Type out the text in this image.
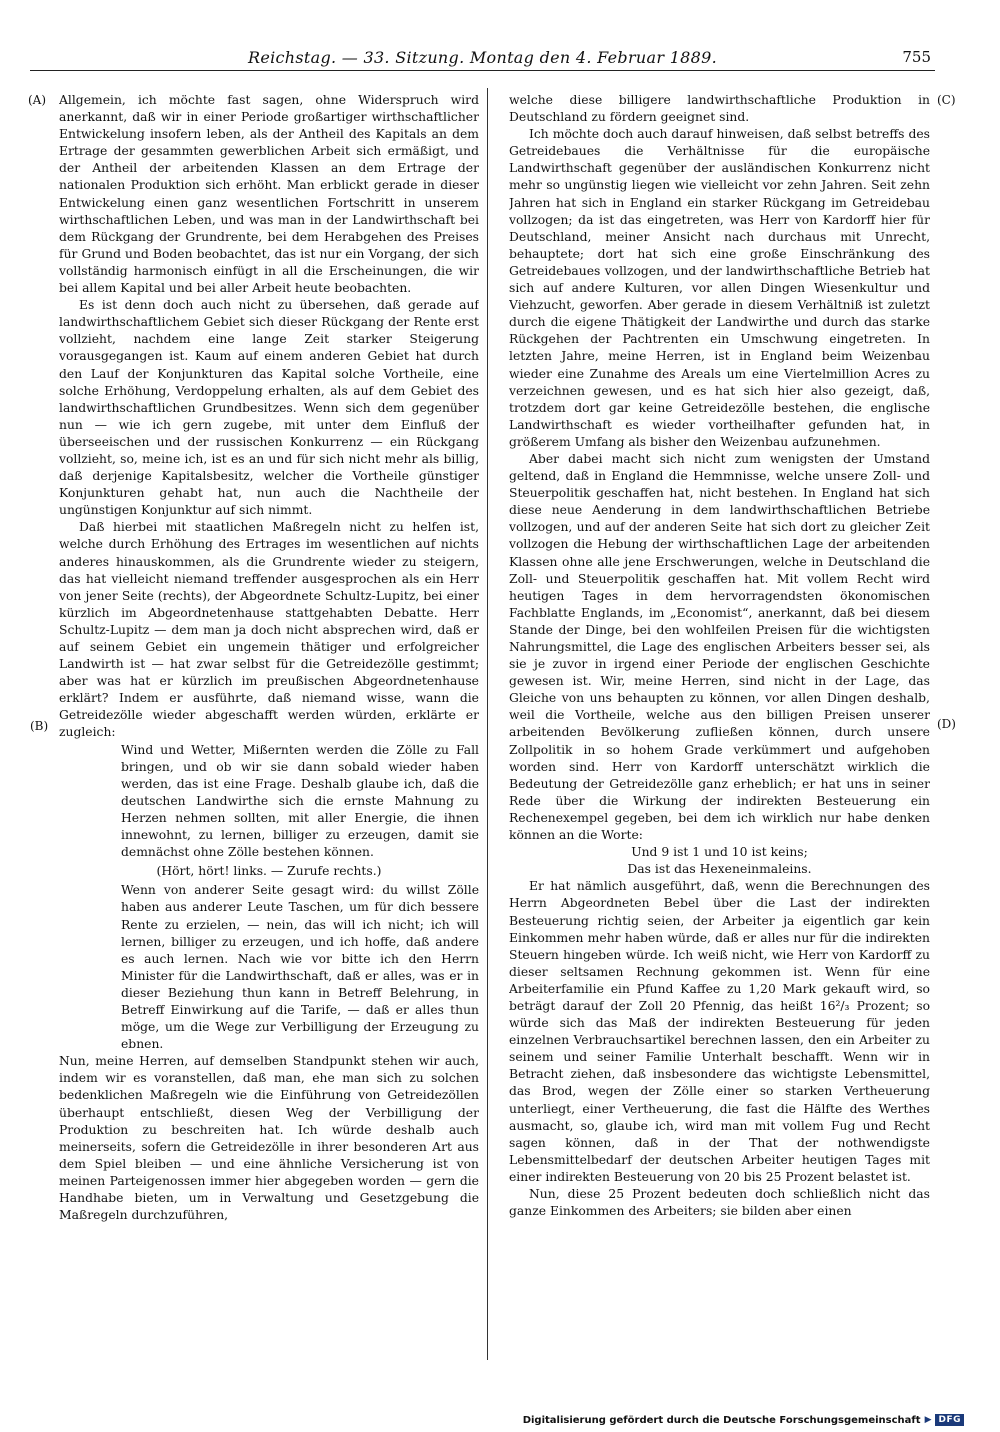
Reichstag. — 33. Sitzung. Montag den 4. Februar 1889.	755
(A)
(B)
(C)
(D)

Allgemein, ich möchte fast sagen, ohne Widerspruch wird anerkannt, daß wir in einer Periode großartiger wirthschaftlicher Entwickelung insofern leben, als der Antheil des Kapitals an dem Ertrage der gesammten gewerblichen Arbeit sich ermäßigt, und der Antheil der arbeitenden Klassen an dem Ertrage der nationalen Produktion sich erhöht. Man erblickt gerade in dieser Entwickelung einen ganz wesentlichen Fortschritt in unserem wirthschaftlichen Leben, und was man in der Landwirthschaft bei dem Rückgang der Grundrente, bei dem Herabgehen des Preises für Grund und Boden beobachtet, das ist nur ein Vorgang, der sich vollständig harmonisch einfügt in all die Erscheinungen, die wir bei allem Kapital und bei aller Arbeit heute beobachten.

Es ist denn doch auch nicht zu übersehen, daß gerade auf landwirthschaftlichem Gebiet sich dieser Rückgang der Rente erst vollzieht, nachdem eine lange Zeit starker Steigerung vorausgegangen ist. Kaum auf einem anderen Gebiet hat durch den Lauf der Konjunkturen das Kapital solche Vortheile, eine solche Erhöhung, Verdoppelung erhalten, als auf dem Gebiet des landwirthschaftlichen Grundbesitzes. Wenn sich dem gegenüber nun — wie ich gern zugebe, mit unter dem Einfluß der überseeischen und der russischen Konkurrenz — ein Rückgang vollzieht, so, meine ich, ist es an und für sich nicht mehr als billig, daß derjenige Kapitalsbesitz, welcher die Vortheile günstiger Konjunkturen gehabt hat, nun auch die Nachtheile der ungünstigen Konjunktur auf sich nimmt.

Daß hierbei mit staatlichen Maßregeln nicht zu helfen ist, welche durch Erhöhung des Ertrages im wesentlichen auf nichts anderes hinauskommen, als die Grundrente wieder zu steigern, das hat vielleicht niemand treffender ausgesprochen als ein Herr von jener Seite (rechts), der Abgeordnete Schultz-Lupitz, bei einer kürzlich im Abgeordnetenhause stattgehabten Debatte. Herr Schultz-Lupitz — dem man ja doch nicht absprechen wird, daß er auf seinem Gebiet ein ungemein thätiger und erfolgreicher Landwirth ist — hat zwar selbst für die Getreidezölle gestimmt; aber was hat er kürzlich im preußischen Abgeordnetenhause erklärt? Indem er ausführte, daß niemand wisse, wann die Getreidezölle wieder abgeschafft werden würden, erklärte er zugleich:

Wind und Wetter, Mißernten werden die Zölle zu Fall bringen, und ob wir sie dann sobald wieder haben werden, das ist eine Frage. Deshalb glaube ich, daß die deutschen Landwirthe sich die ernste Mahnung zu Herzen nehmen sollten, mit aller Energie, die ihnen innewohnt, zu lernen, billiger zu erzeugen, damit sie demnächst ohne Zölle bestehen können.

(Hört, hört! links. — Zurufe rechts.)

Wenn von anderer Seite gesagt wird: du willst Zölle haben aus anderer Leute Taschen, um für dich bessere Rente zu erzielen, — nein, das will ich nicht; ich will lernen, billiger zu erzeugen, und ich hoffe, daß andere es auch lernen. Nach wie vor bitte ich den Herrn Minister für die Landwirthschaft, daß er alles, was er in dieser Beziehung thun kann in Betreff Belehrung, in Betreff Einwirkung auf die Tarife, — daß er alles thun möge, um die Wege zur Verbilligung der Erzeugung zu ebnen.

Nun, meine Herren, auf demselben Standpunkt stehen wir auch, indem wir es voranstellen, daß man, ehe man sich zu solchen bedenklichen Maßregeln wie die Einführung von Getreidezöllen überhaupt entschließt, diesen Weg der Verbilligung der Produktion zu beschreiten hat. Ich würde deshalb auch meinerseits, sofern die Getreidezölle in ihrer besonderen Art aus dem Spiel bleiben — und eine ähnliche Versicherung ist von meinen Parteigenossen immer hier abgegeben worden — gern die Handhabe bieten, um in Verwaltung und Gesetzgebung die Maßregeln durchzuführen,

welche diese billigere landwirthschaftliche Produktion in Deutschland zu fördern geeignet sind.

Ich möchte doch auch darauf hinweisen, daß selbst betreffs des Getreidebaues die Verhältnisse für die europäische Landwirthschaft gegenüber der ausländischen Konkurrenz nicht mehr so ungünstig liegen wie vielleicht vor zehn Jahren. Seit zehn Jahren hat sich in England ein starker Rückgang im Getreidebau vollzogen; da ist das eingetreten, was Herr von Kardorff hier für Deutschland, meiner Ansicht nach durchaus mit Unrecht, behauptete; dort hat sich eine große Einschränkung des Getreidebaues vollzogen, und der landwirthschaftliche Betrieb hat sich auf andere Kulturen, vor allen Dingen Wiesenkultur und Viehzucht, geworfen. Aber gerade in diesem Verhältniß ist zuletzt durch die eigene Thätigkeit der Landwirthe und durch das starke Rückgehen der Pachtrenten ein Umschwung eingetreten. In letzten Jahre, meine Herren, ist in England beim Weizenbau wieder eine Zunahme des Areals um eine Viertelmillion Acres zu verzeichnen gewesen, und es hat sich hier also gezeigt, daß, trotzdem dort gar keine Getreidezölle bestehen, die englische Landwirthschaft es wieder vortheilhafter gefunden hat, in größerem Umfang als bisher den Weizenbau aufzunehmen.

Aber dabei macht sich nicht zum wenigsten der Umstand geltend, daß in England die Hemmnisse, welche unsere Zoll- und Steuerpolitik geschaffen hat, nicht bestehen. In England hat sich diese neue Aenderung in dem landwirthschaftlichen Betriebe vollzogen, und auf der anderen Seite hat sich dort zu gleicher Zeit vollzogen die Hebung der wirthschaftlichen Lage der arbeitenden Klassen ohne alle jene Erschwerungen, welche in Deutschland die Zoll- und Steuerpolitik geschaffen hat. Mit vollem Recht wird heutigen Tages in dem hervorragendsten ökonomischen Fachblatte Englands, im „Economist“, anerkannt, daß bei diesem Stande der Dinge, bei den wohlfeilen Preisen für die wichtigsten Nahrungsmittel, die Lage des englischen Arbeiters besser sei, als sie je zuvor in irgend einer Periode der englischen Geschichte gewesen ist. Wir, meine Herren, sind nicht in der Lage, das Gleiche von uns behaupten zu können, vor allen Dingen deshalb, weil die Vortheile, welche aus den billigen Preisen unserer arbeitenden Bevölkerung zufließen können, durch unsere Zollpolitik in so hohem Grade verkümmert und aufgehoben worden sind. Herr von Kardorff unterschätzt wirklich die Bedeutung der Getreidezölle ganz erheblich; er hat uns in seiner Rede über die Wirkung der indirekten Besteuerung ein Rechenexempel gegeben, bei dem ich wirklich nur habe denken können an die Worte:

Und 9 ist 1 und 10 ist keins;

Das ist das Hexeneinmaleins.

Er hat nämlich ausgeführt, daß, wenn die Berechnungen des Herrn Abgeordneten Bebel über die Last der indirekten Besteuerung richtig seien, der Arbeiter ja eigentlich gar kein Einkommen mehr haben würde, daß er alles nur für die indirekten Steuern hingeben würde. Ich weiß nicht, wie Herr von Kardorff zu dieser seltsamen Rechnung gekommen ist. Wenn für eine Arbeiterfamilie ein Pfund Kaffee zu 1,20 Mark gekauft wird, so beträgt darauf der Zoll 20 Pfennig, das heißt 16²/₃ Prozent; so würde sich das Maß der indirekten Besteuerung für jeden einzelnen Verbrauchsartikel berechnen lassen, den ein Arbeiter zu seinem und seiner Familie Unterhalt beschafft. Wenn wir in Betracht ziehen, daß insbesondere das wichtigste Lebensmittel, das Brod, wegen der Zölle einer so starken Vertheuerung unterliegt, einer Vertheuerung, die fast die Hälfte des Werthes ausmacht, so, glaube ich, wird man mit vollem Fug und Recht sagen können, daß in der That der nothwendigste Lebensmittelbedarf der deutschen Arbeiter heutigen Tages mit einer indirekten Besteuerung von 20 bis 25 Prozent belastet ist.

Nun, diese 25 Prozent bedeuten doch schließlich nicht das ganze Einkommen des Arbeiters; sie bilden aber einen

Digitalisierung gefördert durch die Deutsche Forschungsgemeinschaft ▶ DFG
